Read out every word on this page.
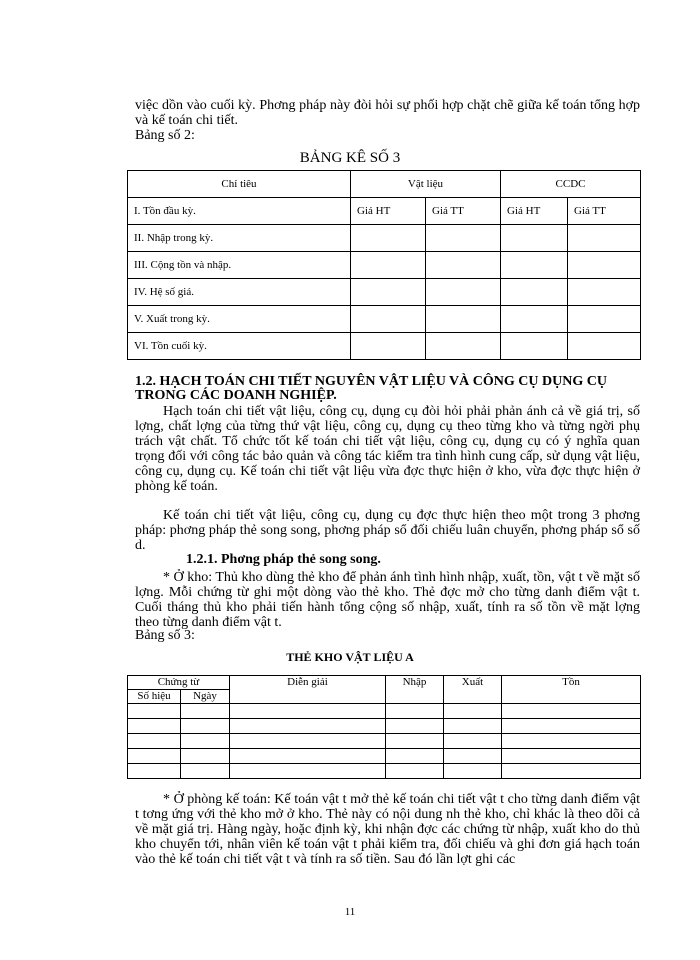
việc dồn vào cuối kỳ. Phơng pháp này đòi hỏi sự phối hợp chặt chẽ giữa kế toán tổng hợp và kế toán chi tiết.

Bảng số 2:

BẢNG KÊ SỐ 3

Chỉ tiêu	Vật liệu		CCDC	
I. Tồn đầu kỳ.	Giá HT	Giá TT	Giá HT	Giá TT
II. Nhập trong kỳ.				
III. Cộng tồn và nhập.				
IV. Hệ số giá.				
V. Xuất trong kỳ.				
VI. Tồn cuối kỳ.				

1.2. HẠCH TOÁN CHI TIẾT NGUYÊN VẬT LIỆU VÀ CÔNG CỤ DỤNG CỤ TRONG CÁC DOANH NGHIỆP.

Hạch toán chi tiết vật liệu, công cụ, dụng cụ đòi hỏi phải phản ánh cả về giá trị, số lợng, chất lợng của từng thứ vật liệu, công cụ, dụng cụ theo từng kho và từng ngời phụ trách vật chất. Tổ chức tốt kế toán chi tiết vật liệu, công cụ, dụng cụ có ý nghĩa quan trọng đối với công tác bảo quản và công tác kiểm tra tình hình cung cấp, sử dụng vật liệu, công cụ, dụng cụ. Kế toán chi tiết vật liệu vừa đợc thực hiện ở kho, vừa đợc thực hiện ở phòng kế toán.

Kế toán chi tiết vật liệu, công cụ, dụng cụ đợc thực hiện theo một trong 3 phơng pháp: phơng pháp thẻ song song, phơng pháp sổ đối chiếu luân chuyển, phơng pháp sổ số d.

1.2.1. Phơng pháp thẻ song song.

* Ở kho: Thủ kho dùng thẻ kho để phản ánh tình hình nhập, xuất, tồn, vật t về mặt số lợng. Mỗi chứng từ ghi một dòng vào thẻ kho. Thẻ đợc mở cho từng danh điểm vật t. Cuối tháng thủ kho phải tiến hành tổng cộng số nhập, xuất, tính ra số tồn về mặt lợng theo từng danh điểm vật t.

Bảng số 3:

THẺ KHO VẬT LIỆU A

Chứng từ		Diễn giải	Nhập	Xuất	Tồn
Số hiệu	Ngày				

* Ở phòng kế toán: Kế toán vật t mở thẻ kế toán chi tiết vật t cho từng danh điểm vật t tơng ứng với thẻ kho mở ở kho. Thẻ này có nội dung nh thẻ kho, chỉ khác là theo dõi cả về mặt giá trị. Hàng ngày, hoặc định kỳ, khi nhận đợc các chứng từ nhập, xuất kho do thủ kho chuyển tới, nhân viên kế toán vật t phải kiểm tra, đối chiếu và ghi đơn giá hạch toán vào thẻ kế toán chi tiết vật t và tính ra số tiền. Sau đó lần lợt ghi các

11
